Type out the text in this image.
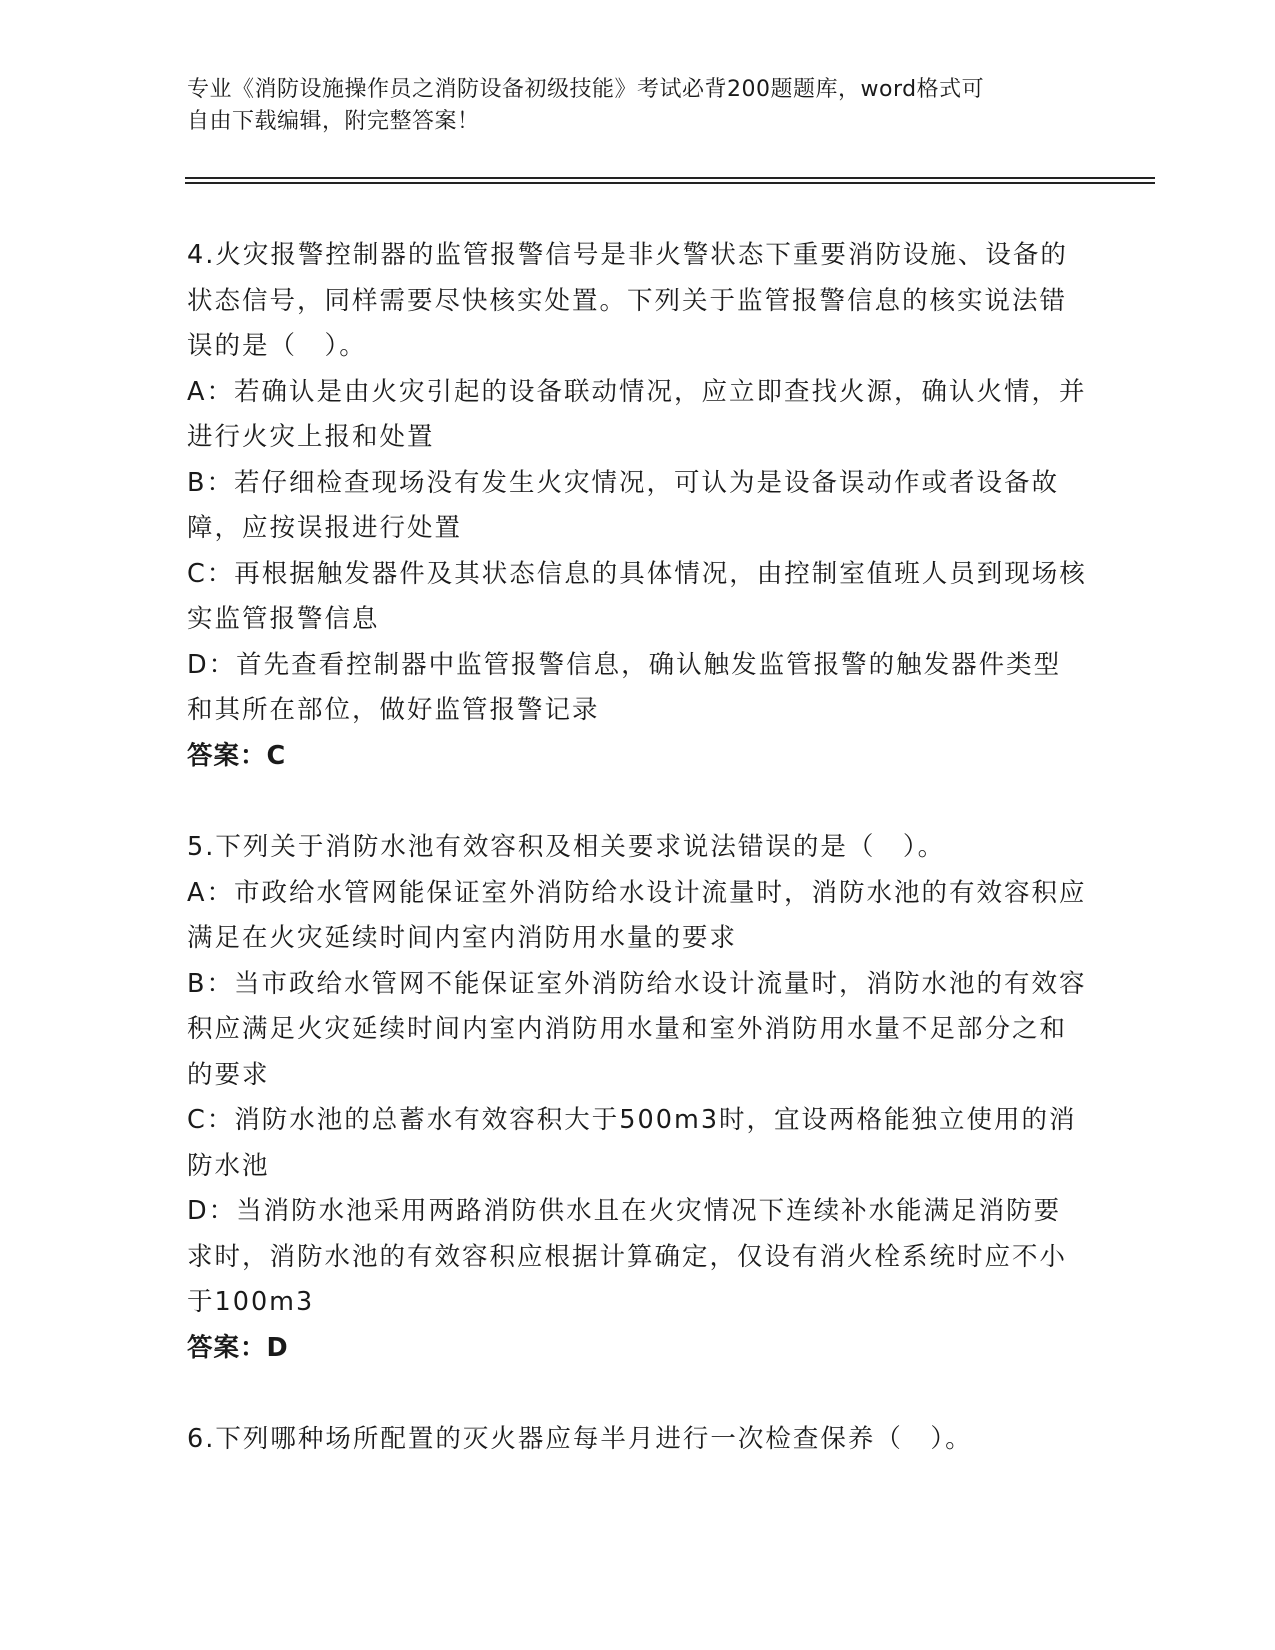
专业《消防设施操作员之消防设备初级技能》考试必背200题题库，word格式可
自由下载编辑，附完整答案！
4.火灾报警控制器的监管报警信号是非火警状态下重要消防设施、设备的状态信号，同样需要尽快核实处置。下列关于监管报警信息的核实说法错误的是（　）。
A：若确认是由火灾引起的设备联动情况，应立即查找火源，确认火情，并进行火灾上报和处置
B：若仔细检查现场没有发生火灾情况，可认为是设备误动作或者设备故障，应按误报进行处置
C：再根据触发器件及其状态信息的具体情况，由控制室值班人员到现场核实监管报警信息
D：首先查看控制器中监管报警信息，确认触发监管报警的触发器件类型和其所在部位，做好监管报警记录
答案：C
5.下列关于消防水池有效容积及相关要求说法错误的是（　）。
A：市政给水管网能保证室外消防给水设计流量时，消防水池的有效容积应满足在火灾延续时间内室内消防用水量的要求
B：当市政给水管网不能保证室外消防给水设计流量时，消防水池的有效容积应满足火灾延续时间内室内消防用水量和室外消防用水量不足部分之和的要求
C：消防水池的总蓄水有效容积大于500m3时，宜设两格能独立使用的消防水池
D：当消防水池采用两路消防供水且在火灾情况下连续补水能满足消防要求时，消防水池的有效容积应根据计算确定，仅设有消火栓系统时应不小于100m3
答案：D
6.下列哪种场所配置的灭火器应每半月进行一次检查保养（　）。
